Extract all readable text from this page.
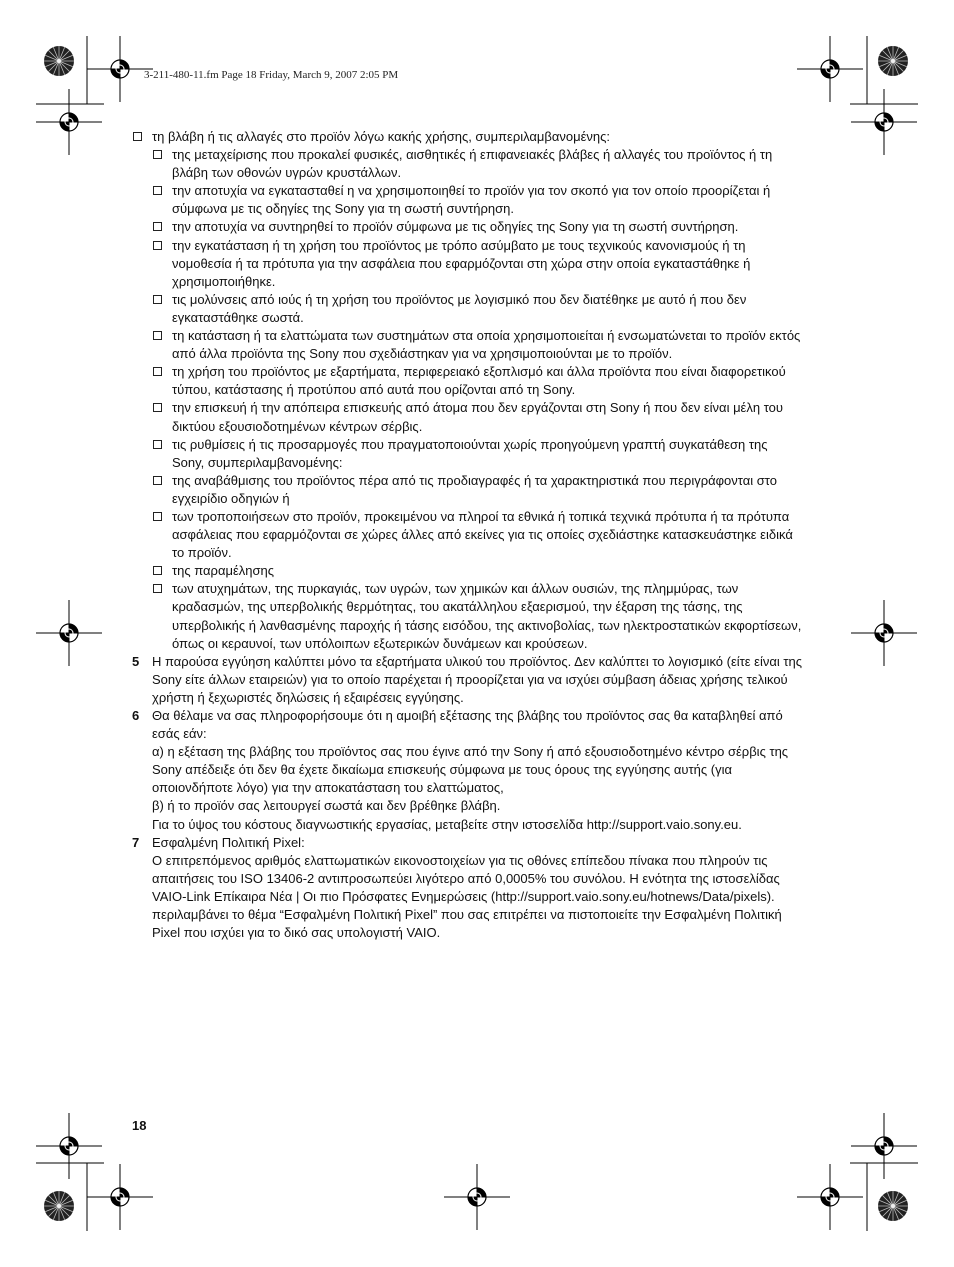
3-211-480-11.fm Page 18 Friday, March 9, 2007 2:05 PM
τη βλάβη ή τις αλλαγές στο προϊόν λόγω κακής χρήσης, συμπεριλαμβανομένης:
της μεταχείρισης που προκαλεί φυσικές, αισθητικές ή επιφανειακές βλάβες ή αλλαγές του προϊόντος ή τη βλάβη των οθονών υγρών κρυστάλλων.
την αποτυχία να εγκατασταθεί η να χρησιμοποιηθεί το προϊόν για τον σκοπό για τον οποίο προορίζεται ή σύμφωνα με τις οδηγίες της Sony για τη σωστή συντήρηση.
την αποτυχία να συντηρηθεί το προϊόν σύμφωνα με τις οδηγίες της Sony για τη σωστή συντήρηση.
την εγκατάσταση ή τη χρήση του προϊόντος με τρόπο ασύμβατο με τους τεχνικούς κανονισμούς ή τη νομοθεσία ή τα πρότυπα για την ασφάλεια που εφαρμόζονται στη χώρα στην οποία εγκαταστάθηκε ή χρησιμοποιήθηκε.
τις μολύνσεις από ιούς ή τη χρήση του προϊόντος με λογισμικό που δεν διατέθηκε με αυτό ή που δεν εγκαταστάθηκε σωστά.
τη κατάσταση ή τα ελαττώματα των συστημάτων στα οποία χρησιμοποιείται ή ενσωματώνεται το προϊόν εκτός από άλλα προϊόντα της Sony που σχεδιάστηκαν για να χρησιμοποιούνται με το προϊόν.
τη χρήση του προϊόντος με εξαρτήματα, περιφερειακό εξοπλισμό και άλλα προϊόντα που είναι διαφορετικού τύπου, κατάστασης ή προτύπου από αυτά που ορίζονται από τη Sony.
την επισκευή ή την απόπειρα επισκευής από άτομα που δεν εργάζονται στη Sony ή που δεν είναι μέλη του δικτύου εξουσιοδοτημένων κέντρων σέρβις.
τις ρυθμίσεις ή τις προσαρμογές που πραγματοποιούνται χωρίς προηγούμενη γραπτή συγκατάθεση της Sony, συμπεριλαμβανομένης:
της αναβάθμισης του προϊόντος πέρα από τις προδιαγραφές ή τα χαρακτηριστικά που περιγράφονται στο εγχειρίδιο οδηγιών ή
των τροποποιήσεων στο προϊόν, προκειμένου να πληροί τα εθνικά ή τοπικά τεχνικά πρότυπα ή τα πρότυπα ασφάλειας που εφαρμόζονται σε χώρες άλλες από εκείνες για τις οποίες σχεδιάστηκε κατασκευάστηκε ειδικά το προϊόν.
της παραμέλησης
των ατυχημάτων, της πυρκαγιάς, των υγρών, των χημικών και άλλων ουσιών, της πλημμύρας, των κραδασμών, της υπερβολικής θερμότητας, του ακατάλληλου εξαερισμού, την έξαρση της τάσης, της υπερβολικής ή λανθασμένης παροχής ή τάσης εισόδου, της ακτινοβολίας, των ηλεκτροστατικών εκφορτίσεων, όπως οι κεραυνοί, των υπόλοιπων εξωτερικών δυνάμεων και κρούσεων.
5 Η παρούσα εγγύηση καλύπτει μόνο τα εξαρτήματα υλικού του προϊόντος. Δεν καλύπτει το λογισμικό (είτε είναι της Sony είτε άλλων εταιρειών) για το οποίο παρέχεται ή προορίζεται για να ισχύει σύμβαση άδειας χρήσης τελικού χρήστη ή ξεχωριστές δηλώσεις ή εξαιρέσεις εγγύησης.
6 Θα θέλαμε να σας πληροφορήσουμε ότι η αμοιβή εξέτασης της βλάβης του προϊόντος σας θα καταβληθεί από εσάς εάν:
α) η εξέταση της βλάβης του προϊόντος σας που έγινε από την Sony ή από εξουσιοδοτημένο κέντρο σέρβις της Sony απέδειξε ότι δεν θα έχετε δικαίωμα επισκευής σύμφωνα με τους όρους της εγγύησης αυτής (για οποιονδήποτε λόγο) για την αποκατάσταση του ελαττώματος,
β) ή το προϊόν σας λειτουργεί σωστά και δεν βρέθηκε βλάβη.
Για το ύψος του κόστους διαγνωστικής εργασίας, μεταβείτε στην ιστοσελίδα http://support.vaio.sony.eu.
7 Εσφαλμένη Πολιτική Pixel:
Ο επιτρεπόμενος αριθμός ελαττωματικών εικονοστοιχείων για τις οθόνες επίπεδου πίνακα που πληρούν τις απαιτήσεις του ISO 13406-2 αντιπροσωπεύει λιγότερο από 0,0005% του συνόλου. Η ενότητα της ιστοσελίδας VAIO-Link Επίκαιρα Νέα | Οι πιο Πρόσφατες Ενημερώσεις (http://support.vaio.sony.eu/hotnews/Data/pixels). περιλαμβάνει το θέμα “Εσφαλμένη Πολιτική Pixel” που σας επιτρέπει να πιστοποιείτε την Εσφαλμένη Πολιτική Pixel που ισχύει για το δικό σας υπολογιστή VAIO.
18
